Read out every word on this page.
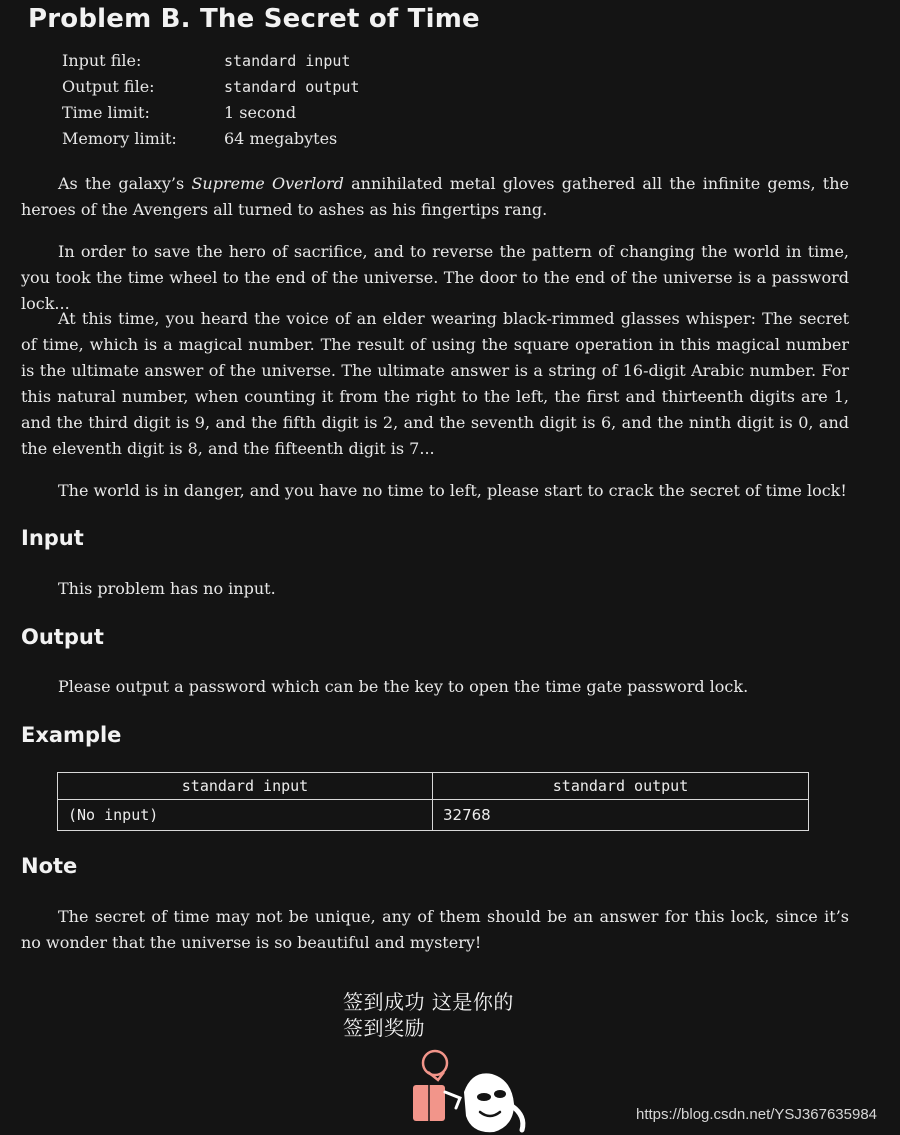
Problem B. The Secret of Time
Input file:	standard input
Output file:	standard output
Time limit:	1 second
Memory limit:	64 megabytes

As the galaxy’s Supreme Overlord annihilated metal gloves gathered all the infinite gems, the heroes of the Avengers all turned to ashes as his fingertips rang.

In order to save the hero of sacrifice, and to reverse the pattern of changing the world in time, you took the time wheel to the end of the universe. The door to the end of the universe is a password lock...

At this time, you heard the voice of an elder wearing black-rimmed glasses whisper: The secret of time, which is a magical number. The result of using the square operation in this magical number is the ultimate answer of the universe. The ultimate answer is a string of 16-digit Arabic number. For this natural number, when counting it from the right to the left, the first and thirteenth digits are 1, and the third digit is 9, and the fifth digit is 2, and the seventh digit is 6, and the ninth digit is 0, and the eleventh digit is 8, and the fifteenth digit is 7...

The world is in danger, and you have no time to left, please start to crack the secret of time lock!

Input

This problem has no input.

Output

Please output a password which can be the key to open the time gate password lock.

Example
standard input	standard output
(No input)	32768
Note

The secret of time may not be unique, any of them should be an answer for this lock, since it’s no wonder that the universe is so beautiful and mystery!

签到成功 这是你的
签到奖励
https://blog.csdn.net/YSJ367635984
